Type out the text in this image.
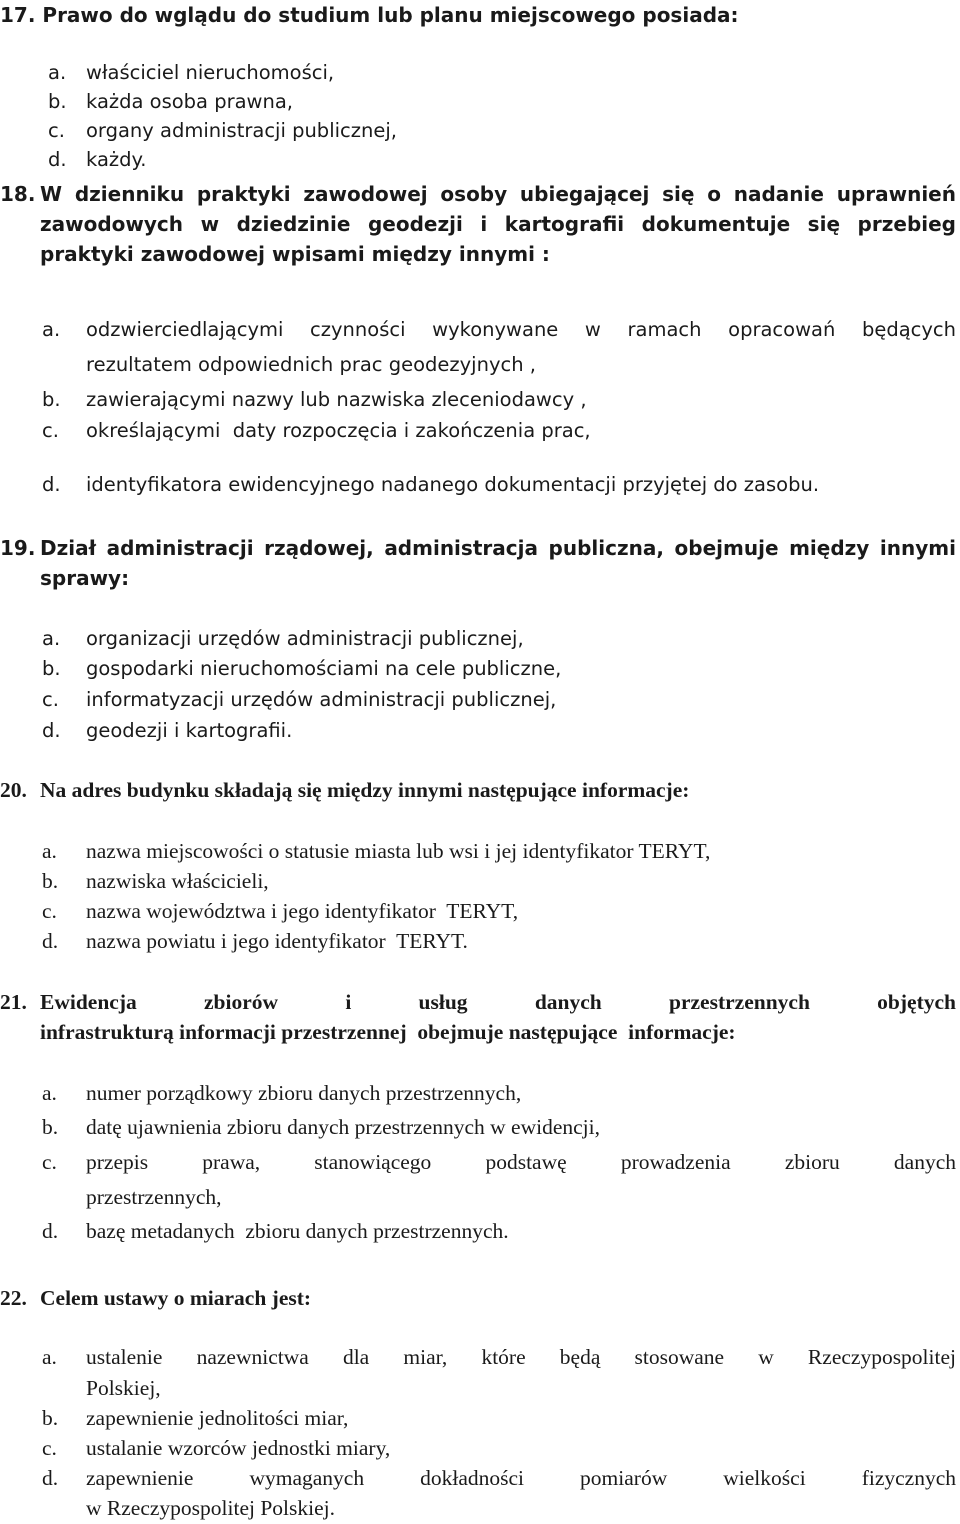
17. Prawo do wglądu do studium lub planu miejscowego posiada:
a. właściciel nieruchomości,
b. każda osoba prawna,
c. organy administracji publicznej,
d. każdy.
18. W dzienniku praktyki zawodowej osoby ubiegającej się o nadanie uprawnień
zawodowych w dziedzinie geodezji i kartografii dokumentuje się przebieg
praktyki zawodowej wpisami między innymi :
a. odzwierciedlającymi czynności wykonywane w ramach opracowań będących
rezultatem odpowiednich prac geodezyjnych ,
b. zawierającymi nazwy lub nazwiska zleceniodawcy ,
c. określającymi  daty rozpoczęcia i zakończenia prac,
d. identyfikatora ewidencyjnego nadanego dokumentacji przyjętej do zasobu.
19. Dział administracji rządowej, administracja publiczna, obejmuje między innymi
sprawy:
a. organizacji urzędów administracji publicznej,
b. gospodarki nieruchomościami na cele publiczne,
c. informatyzacji urzędów administracji publicznej,
d. geodezji i kartografii.
20. Na adres budynku składają się między innymi następujące informacje:
a. nazwa miejscowości o statusie miasta lub wsi i jej identyfikator TERYT,
b. nazwiska właścicieli,
c. nazwa województwa i jego identyfikator  TERYT,
d. nazwa powiatu i jego identyfikator  TERYT.
21. Ewidencja zbiorów i usług danych przestrzennych objętych
infrastrukturą informacji przestrzennej  obejmuje następujące  informacje:
a. numer porządkowy zbioru danych przestrzennych,
b. datę ujawnienia zbioru danych przestrzennych w ewidencji,
c. przepis prawa, stanowiącego podstawę prowadzenia zbioru danych
przestrzennych,
d. bazę metadanych  zbioru danych przestrzennych.
22. Celem ustawy o miarach jest:
a. ustalenie nazewnictwa dla miar, które będą stosowane w Rzeczypospolitej
Polskiej,
b. zapewnienie jednolitości miar,
c. ustalanie wzorców jednostki miary,
d. zapewnienie wymaganych dokładności pomiarów wielkości fizycznych
w Rzeczypospolitej Polskiej.
